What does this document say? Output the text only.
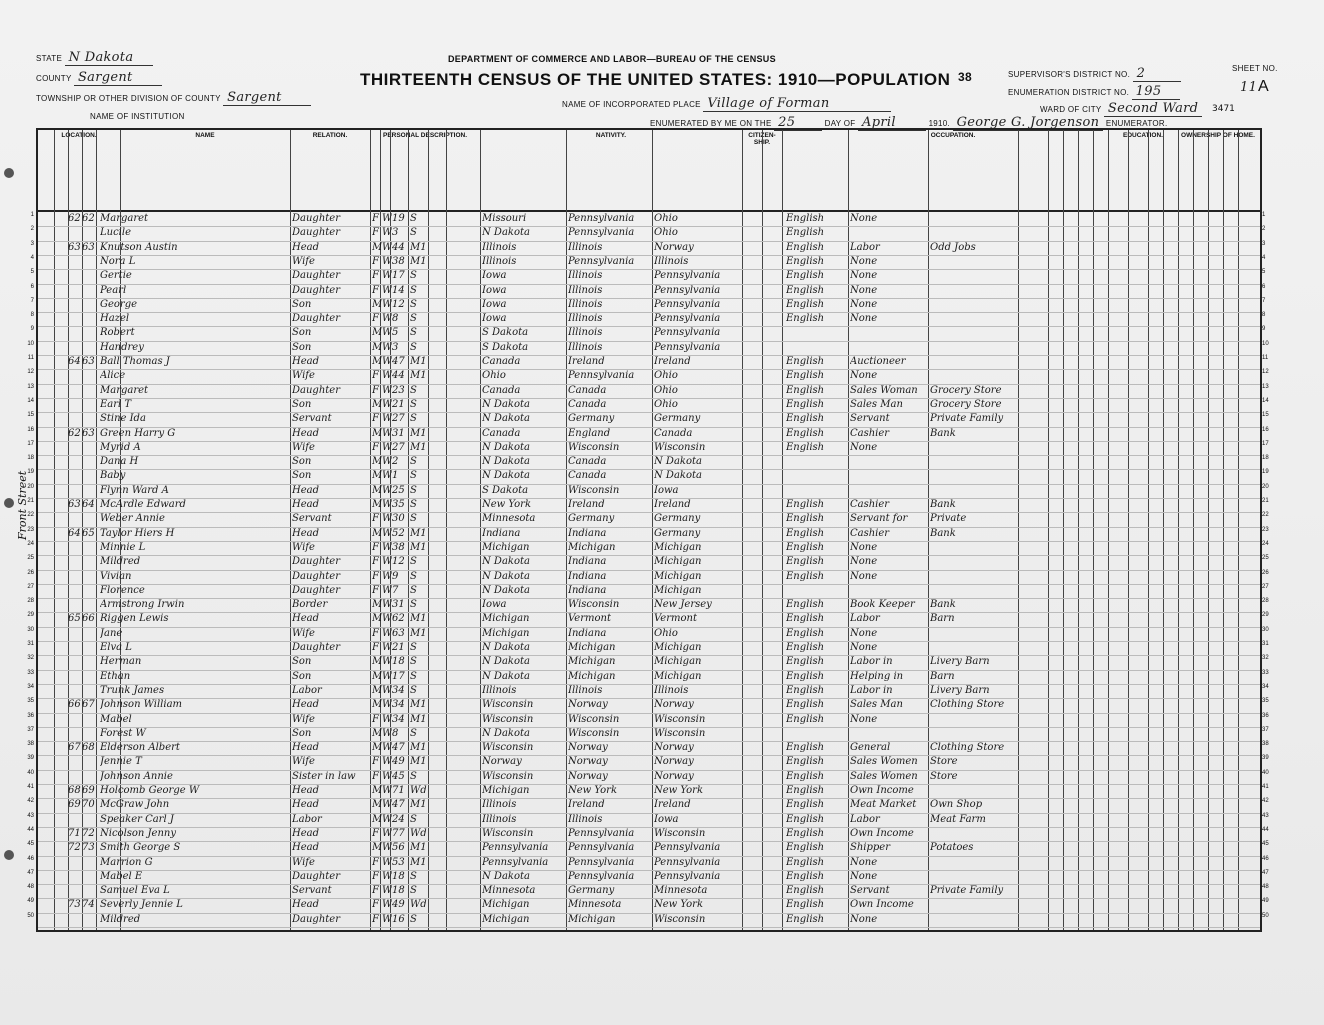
STATE N Dakota
COUNTY Sargent
TOWNSHIP OR OTHER DIVISION OF COUNTY Sargent
NAME OF INSTITUTION
DEPARTMENT OF COMMERCE AND LABOR—BUREAU OF THE CENSUS
THIRTEENTH CENSUS OF THE UNITED STATES: 1910—POPULATION 38
NAME OF INCORPORATED PLACE Village of Forman
ENUMERATED BY ME ON THE 25	DAY OF April	1910. George G. Jorgenson ENUMERATOR.
SUPERVISOR'S DISTRICT NO. 2
ENUMERATION DISTRICT NO. 195
WARD OF CITY Second Ward
SHEET NO.
11 A
3471
Front Street
LOCATION.	NAME	RELATION.	PERSONAL DESCRIPTION.	NATIVITY.	CITIZEN-SHIP.
OCCUPATION.	EDUCATION.	OWNERSHIP OF HOME.
1	1
62 62 Margaret	Daughter	F W 19 S	Missouri	Pennsylvania	Ohio	English	None
2	2
Lucile	Daughter	F W 3	S	N Dakota	Pennsylvania	Ohio	English
3	3
63 63 Knutson Austin	Head	M W 44 M1	Illinois	Illinois	Norway	English	Labor	Odd Jobs
4	4
Nora L	Wife	F W 38 M1	Illinois	Pennsylvania	Illinois	English	None
5	5
Gertie	Daughter	F W 17 S	Iowa	Illinois	Pennsylvania	English	None
6	6
Pearl	Daughter	F W 14 S	Iowa	Illinois	Pennsylvania	English	None
7	7
George	Son	M W 12 S	Iowa	Illinois	Pennsylvania	English	None
8	8
Hazel	Daughter	F W 8	S	Iowa	Illinois	Pennsylvania	English	None
9	9
Robert	Son	M W 5	S	S Dakota	Illinois	Pennsylvania
10	10
Handrey	Son	M W 3	S	S Dakota	Illinois	Pennsylvania
11	11
64 63 Ball Thomas J	Head	M W 47 M1	Canada	Ireland	Ireland	English	Auctioneer
12	12
Alice	Wife	F W 44 M1	Ohio	Pennsylvania	Ohio	English	None
13	13
Margaret	Daughter	F W 23 S	Canada	Canada	Ohio	English	Sales Woman	Grocery Store
14	14
Earl T	Son	M W 21 S	N Dakota	Canada	Ohio	English	Sales Man	Grocery Store
15	15
Stine Ida	Servant	F W 27 S	N Dakota	Germany	Germany	English	Servant	Private Family
16	16
62 63 Green Harry G	Head	M W 31 M1	Canada	England	Canada	English	Cashier	Bank
17	17
Myrid A	Wife	F W 27 M1	N Dakota	Wisconsin	Wisconsin	English	None
18	18
Dana H	Son	M W 2	S	N Dakota	Canada	N Dakota
19	19
Baby	Son	M W 1	S	N Dakota	Canada	N Dakota
20	20
Flynn Ward A	Head	M W 25 S	S Dakota	Wisconsin	Iowa
21	21
63 64 McArdle Edward	Head	M W 35 S	New York	Ireland	Ireland	English	Cashier	Bank
22	22
Weber Annie	Servant	F W 30 S	Minnesota	Germany	Germany	English	Servant for	Private
23	23
64 65 Taylor Hiers H	Head	M W 52 M1	Indiana	Indiana	Germany	English	Cashier	Bank
24	24
Minnie L	Wife	F W 38 M1	Michigan	Michigan	Michigan	English	None
25	25
Mildred	Daughter	F W 12 S	N Dakota	Indiana	Michigan	English	None
26	26
Vivian	Daughter	F W 9	S	N Dakota	Indiana	Michigan	English	None
27	27
Florence	Daughter	F W 7	S	N Dakota	Indiana	Michigan
28	28
Armstrong Irwin	Border	M W 31 S	Iowa	Wisconsin	New Jersey	English	Book Keeper	Bank
29	29
65 66 Riggen Lewis	Head	M W 62 M1	Michigan	Vermont	Vermont	English	Labor	Barn
30	30
Jane	Wife	F W 63 M1	Michigan	Indiana	Ohio	English	None
31	31
Elva L	Daughter	F W 21 S	N Dakota	Michigan	Michigan	English	None
32	32
Herman	Son	M W 18 S	N Dakota	Michigan	Michigan	English	Labor in	Livery Barn
33	33
Ethan	Son	M W 17 S	N Dakota	Michigan	Michigan	English	Helping in	Barn
34	34
Trunk James	Labor	M W 34 S	Illinois	Illinois	Illinois	English	Labor in	Livery Barn
35	35
66 67 Johnson William	Head	M W 34 M1	Wisconsin	Norway	Norway	English	Sales Man	Clothing Store
36	36
Mabel	Wife	F W 34 M1	Wisconsin	Wisconsin	Wisconsin	English	None
37	37
Forest W	Son	M W 8	S	N Dakota	Wisconsin	Wisconsin
38	38
67 68 Elderson Albert	Head	M W 47 M1	Wisconsin	Norway	Norway	English	General	Clothing Store
39	39
Jennie T	Wife	F W 49 M1	Norway	Norway	Norway	English	Sales Women	Store
40	40
Johnson Annie	Sister in law	F W 45 S	Wisconsin	Norway	Norway	English	Sales Women	Store
41	41
68 69 Holcomb George W	Head	M W 71 Wd	Michigan	New York	New York	English	Own Income
42	42
69 70 McGraw John	Head	M W 47 M1	Illinois	Ireland	Ireland	English	Meat Market	Own Shop
43	43
Speaker Carl J	Labor	M W 24 S	Illinois	Illinois	Iowa	English	Labor	Meat Farm
44	44
71 72 Nicolson Jenny	Head	F W 77 Wd	Wisconsin	Pennsylvania	Wisconsin	English	Own Income
45	45
72 73 Smith George S	Head	M W 56 M1	Pennsylvania	Pennsylvania	Pennsylvania	English	Shipper	Potatoes
46	46
Marrion G	Wife	F W 53 M1	Pennsylvania	Pennsylvania	Pennsylvania	English	None
47	47
Mabel E	Daughter	F W 18 S	N Dakota	Pennsylvania	Pennsylvania	English	None
48	48
Samuel Eva L	Servant	F W 18 S	Minnesota	Germany	Minnesota	English	Servant	Private Family
49	49
73 74 Severly Jennie L	Head	F W 49 Wd	Michigan	Minnesota	New York	English	Own Income
50	50
Mildred	Daughter	F W 16 S	Michigan	Michigan	Wisconsin	English	None
